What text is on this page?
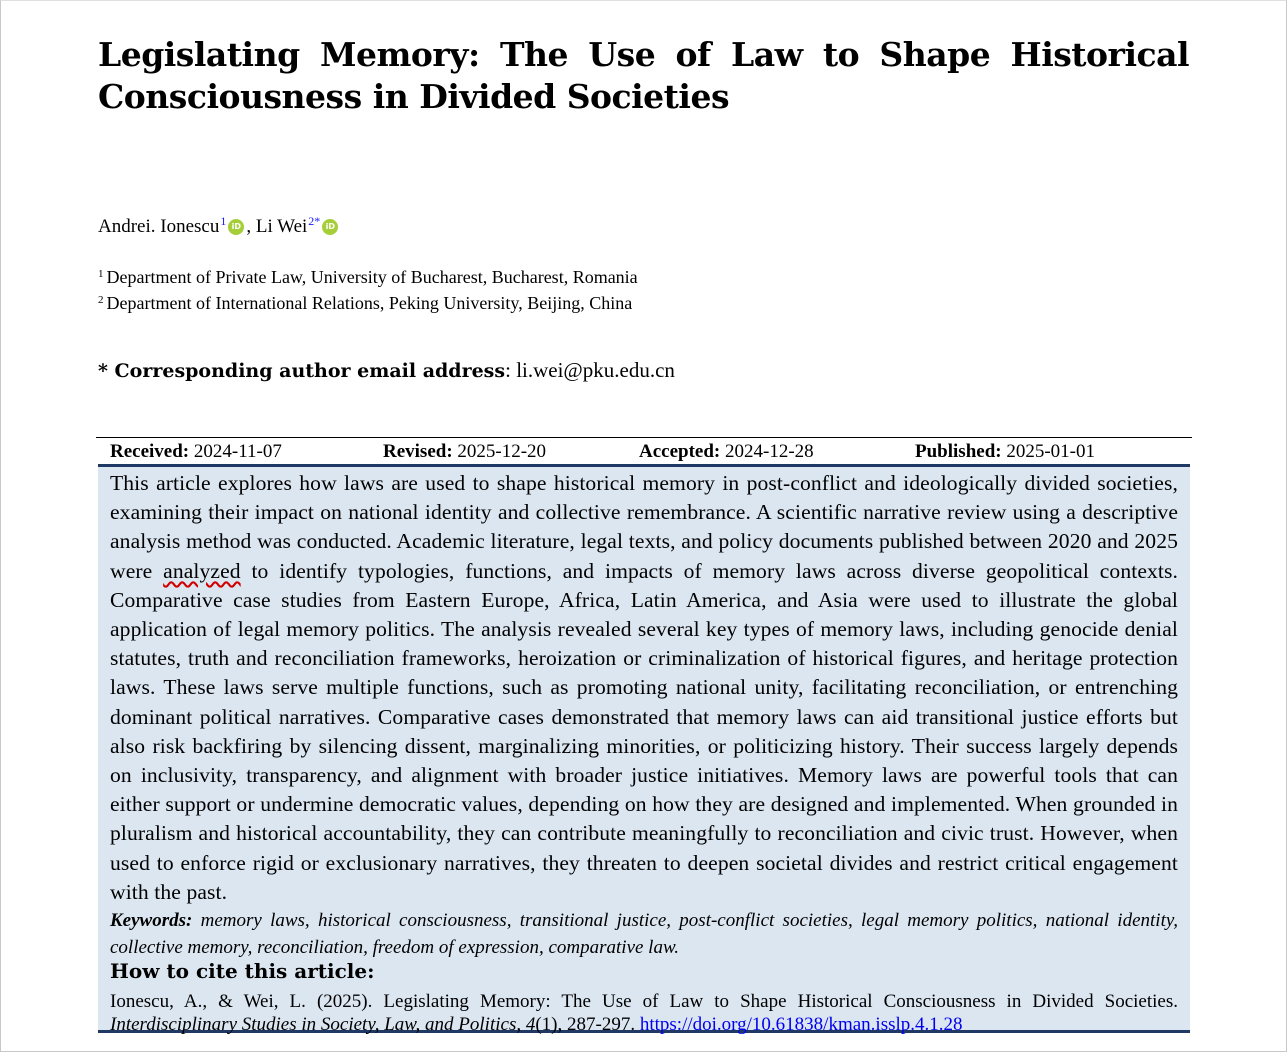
Legislating Memory: The Use of Law to Shape Historical Consciousness in Divided Societies
Andrei. Ionescu 1 iD , Li Wei 2* iD
$^1$ Department of Private Law, University of Bucharest, Bucharest, Romania
$^2$ Department of International Relations, Peking University, Beijing, China
* Corresponding author email address: li.wei@pku.edu.cn
Received: 2024-11-07	Revised: 2025-12-20	Accepted: 2024-12-28	Published: 2025-01-01
This article explores how laws are used to shape historical memory in post-conflict and ideologically divided societies, examining their impact on national identity and collective remembrance. A scientific narrative review using a descriptive analysis method was conducted. Academic literature, legal texts, and policy documents published between 2020 and 2025 were analyzed to identify typologies, functions, and impacts of memory laws across diverse geopolitical contexts. Comparative case studies from Eastern Europe, Africa, Latin America, and Asia were used to illustrate the global application of legal memory politics. The analysis revealed several key types of memory laws, including genocide denial statutes, truth and reconciliation frameworks, heroization or criminalization of historical figures, and heritage protection laws. These laws serve multiple functions, such as promoting national unity, facilitating reconciliation, or entrenching dominant political narratives. Comparative cases demonstrated that memory laws can aid transitional justice efforts but also risk backfiring by silencing dissent, marginalizing minorities, or politicizing history. Their success largely depends on inclusivity, transparency, and alignment with broader justice initiatives. Memory laws are powerful tools that can either support or undermine democratic values, depending on how they are designed and implemented. When grounded in pluralism and historical accountability, they can contribute meaningfully to reconciliation and civic trust. However, when used to enforce rigid or exclusionary narratives, they threaten to deepen societal divides and restrict critical engagement with the past.
Keywords: memory laws, historical consciousness, transitional justice, post-conflict societies, legal memory politics, national identity, collective memory, reconciliation, freedom of expression, comparative law.
How to cite this article:
Ionescu, A., & Wei, L. (2025). Legislating Memory: The Use of Law to Shape Historical Consciousness in Divided Societies. Interdisciplinary Studies in Society, Law, and Politics, 4(1), 287-297. https://doi.org/10.61838/kman.isslp.4.1.28
